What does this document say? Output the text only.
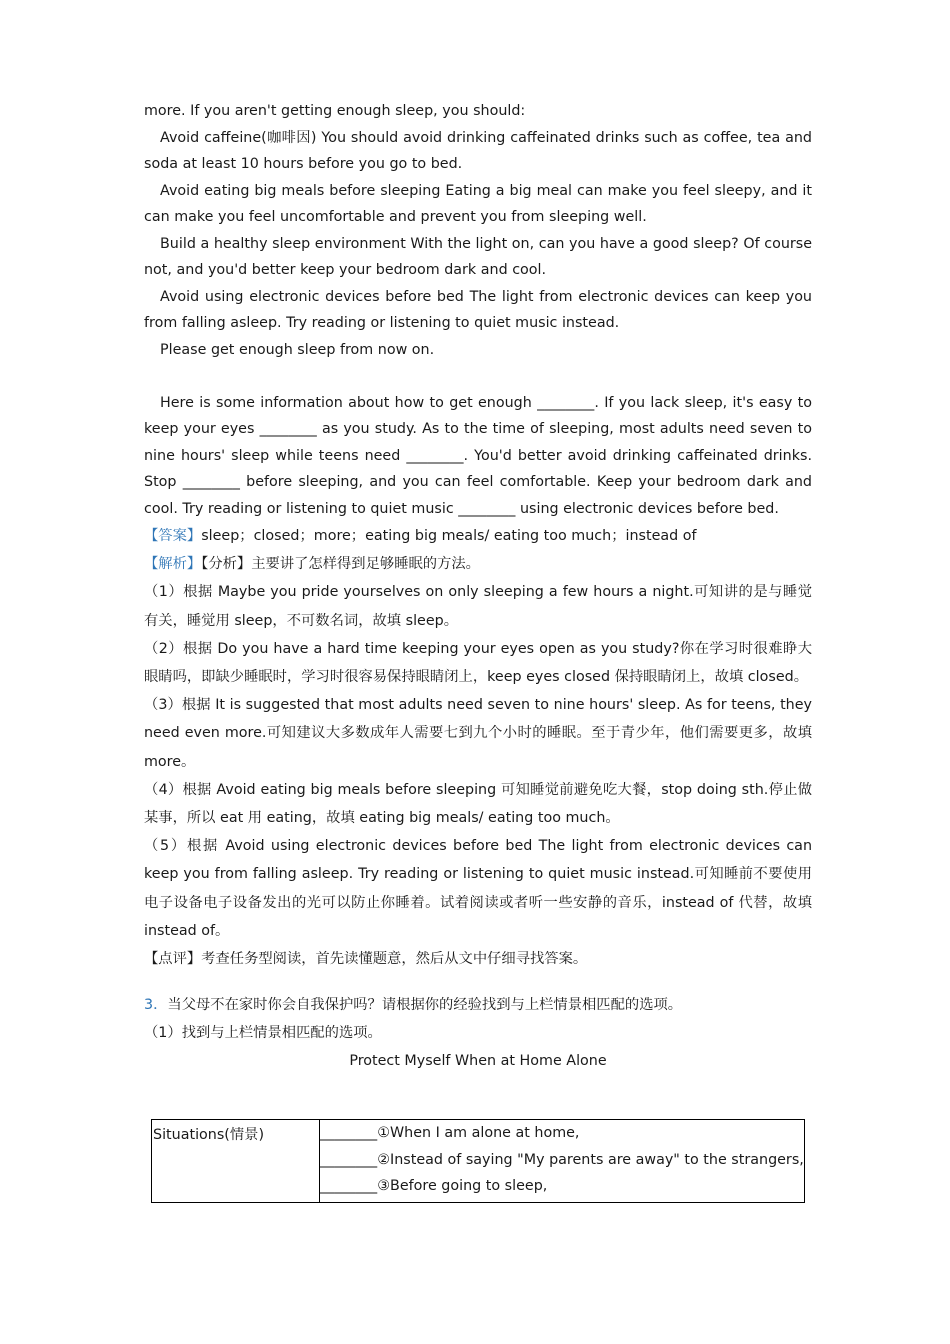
more. If you aren't getting enough sleep, you should:
Avoid caffeine(咖啡因) You should avoid drinking caffeinated drinks such as coffee, tea and soda at least 10 hours before you go to bed.
Avoid eating big meals before sleeping Eating a big meal can make you feel sleepy, and it can make you feel uncomfortable and prevent you from sleeping well.
Build a healthy sleep environment With the light on, can you have a good sleep? Of course not, and you'd better keep your bedroom dark and cool.
Avoid using electronic devices before bed The light from electronic devices can keep you from falling asleep. Try reading or listening to quiet music instead.
Please get enough sleep from now on.
Here is some information about how to get enough ________. If you lack sleep, it's easy to keep your eyes ________ as you study. As to the time of sleeping, most adults need seven to nine hours' sleep while teens need ________. You'd better avoid drinking caffeinated drinks. Stop ________ before sleeping, and you can feel comfortable. Keep your bedroom dark and cool. Try reading or listening to quiet music ________ using electronic devices before bed.
【答案】sleep；closed；more；eating big meals/ eating too much；instead of
【解析】【分析】主要讲了怎样得到足够睡眠的方法。
（1）根据 Maybe you pride yourselves on only sleeping a few hours a night.可知讲的是与睡觉有关，睡觉用 sleep，不可数名词，故填 sleep。
（2）根据 Do you have a hard time keeping your eyes open as you study?你在学习时很难睁大眼睛吗，即缺少睡眠时，学习时很容易保持眼睛闭上，keep eyes closed 保持眼睛闭上，故填 closed。
（3）根据 It is suggested that most adults need seven to nine hours' sleep. As for teens, they need even more.可知建议大多数成年人需要七到九个小时的睡眠。至于青少年，他们需要更多，故填 more。
（4）根据 Avoid eating big meals before sleeping 可知睡觉前避免吃大餐，stop doing sth.停止做某事，所以 eat 用 eating，故填 eating big meals/ eating too much。
（5）根据 Avoid using electronic devices before bed The light from electronic devices can keep you from falling asleep. Try reading or listening to quiet music instead.可知睡前不要使用电子设备电子设备发出的光可以防止你睡着。试着阅读或者听一些安静的音乐，instead of 代替，故填 instead of。
【点评】考查任务型阅读，首先读懂题意，然后从文中仔细寻找答案。
3．当父母不在家时你会自我保护吗？请根据你的经验找到与上栏情景相匹配的选项。
（1）找到与上栏情景相匹配的选项。
Protect Myself When at Home Alone
Situations(情景)	________①When I am alone at home,
________②Instead of saying "My parents are away" to the strangers,
________③Before going to sleep,
